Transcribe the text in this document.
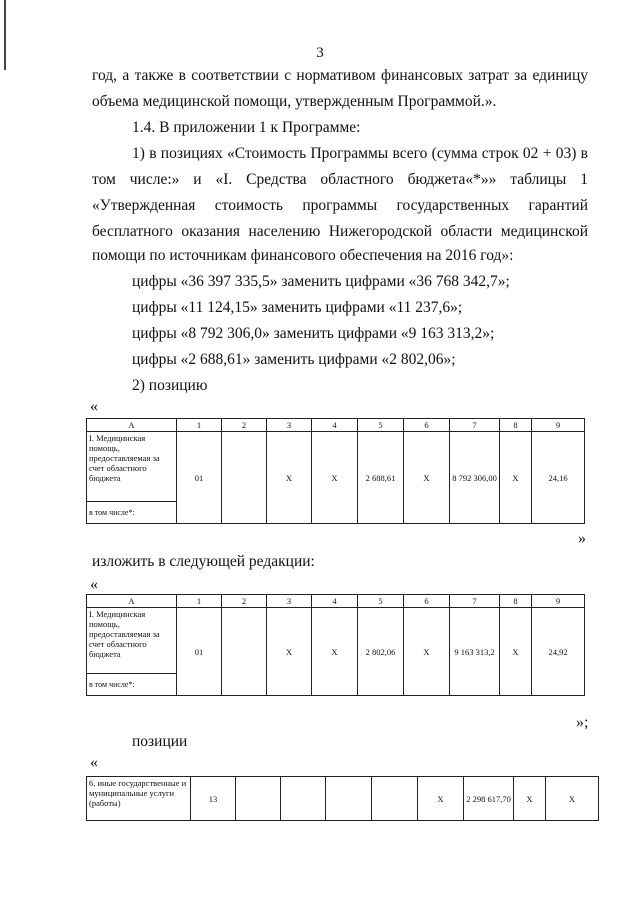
3
год, а также в соответствии с нормативом финансовых затрат за единицу
объема медицинской помощи, утвержденным Программой.».
1.4. В приложении 1 к Программе:
1) в позициях «Стоимость Программы всего (сумма строк 02 + 03) в
том числе:» и «I. Средства областного бюджета«*»» таблицы 1
«Утвержденная стоимость программы государственных гарантий
бесплатного оказания населению Нижегородской области медицинской
помощи по источникам финансового обеспечения на 2016 год»:
цифры «36 397 335,5» заменить цифрами «36 768 342,7»;
цифры «11 124,15» заменить цифрами «11 237,6»;
цифры «8 792 306,0» заменить цифрами «9 163 313,2»;
цифры «2 688,61» заменить цифрами «2 802,06»;
2) позицию
«
А	1	2	3	4	5	6	7	8	9
I. Медицинская помощь, предоставляемая за счет областного бюджета	01		Х	Х	2 688,61	Х	8 792 306,00	Х	24,16
в том числе*:									
»
изложить в следующей редакции:
«
А	1	2	3	4	5	6	7	8	9
I. Медицинская помощь, предоставляемая за счет областного бюджета	01		Х	Х	2 802,06	Х	9 163 313,2	Х	24,92
в том числе*:									
»;
позиции
«
6. иные государственные и муниципальные услуги (работы)	13					Х	2 298 617,70	Х	Х
